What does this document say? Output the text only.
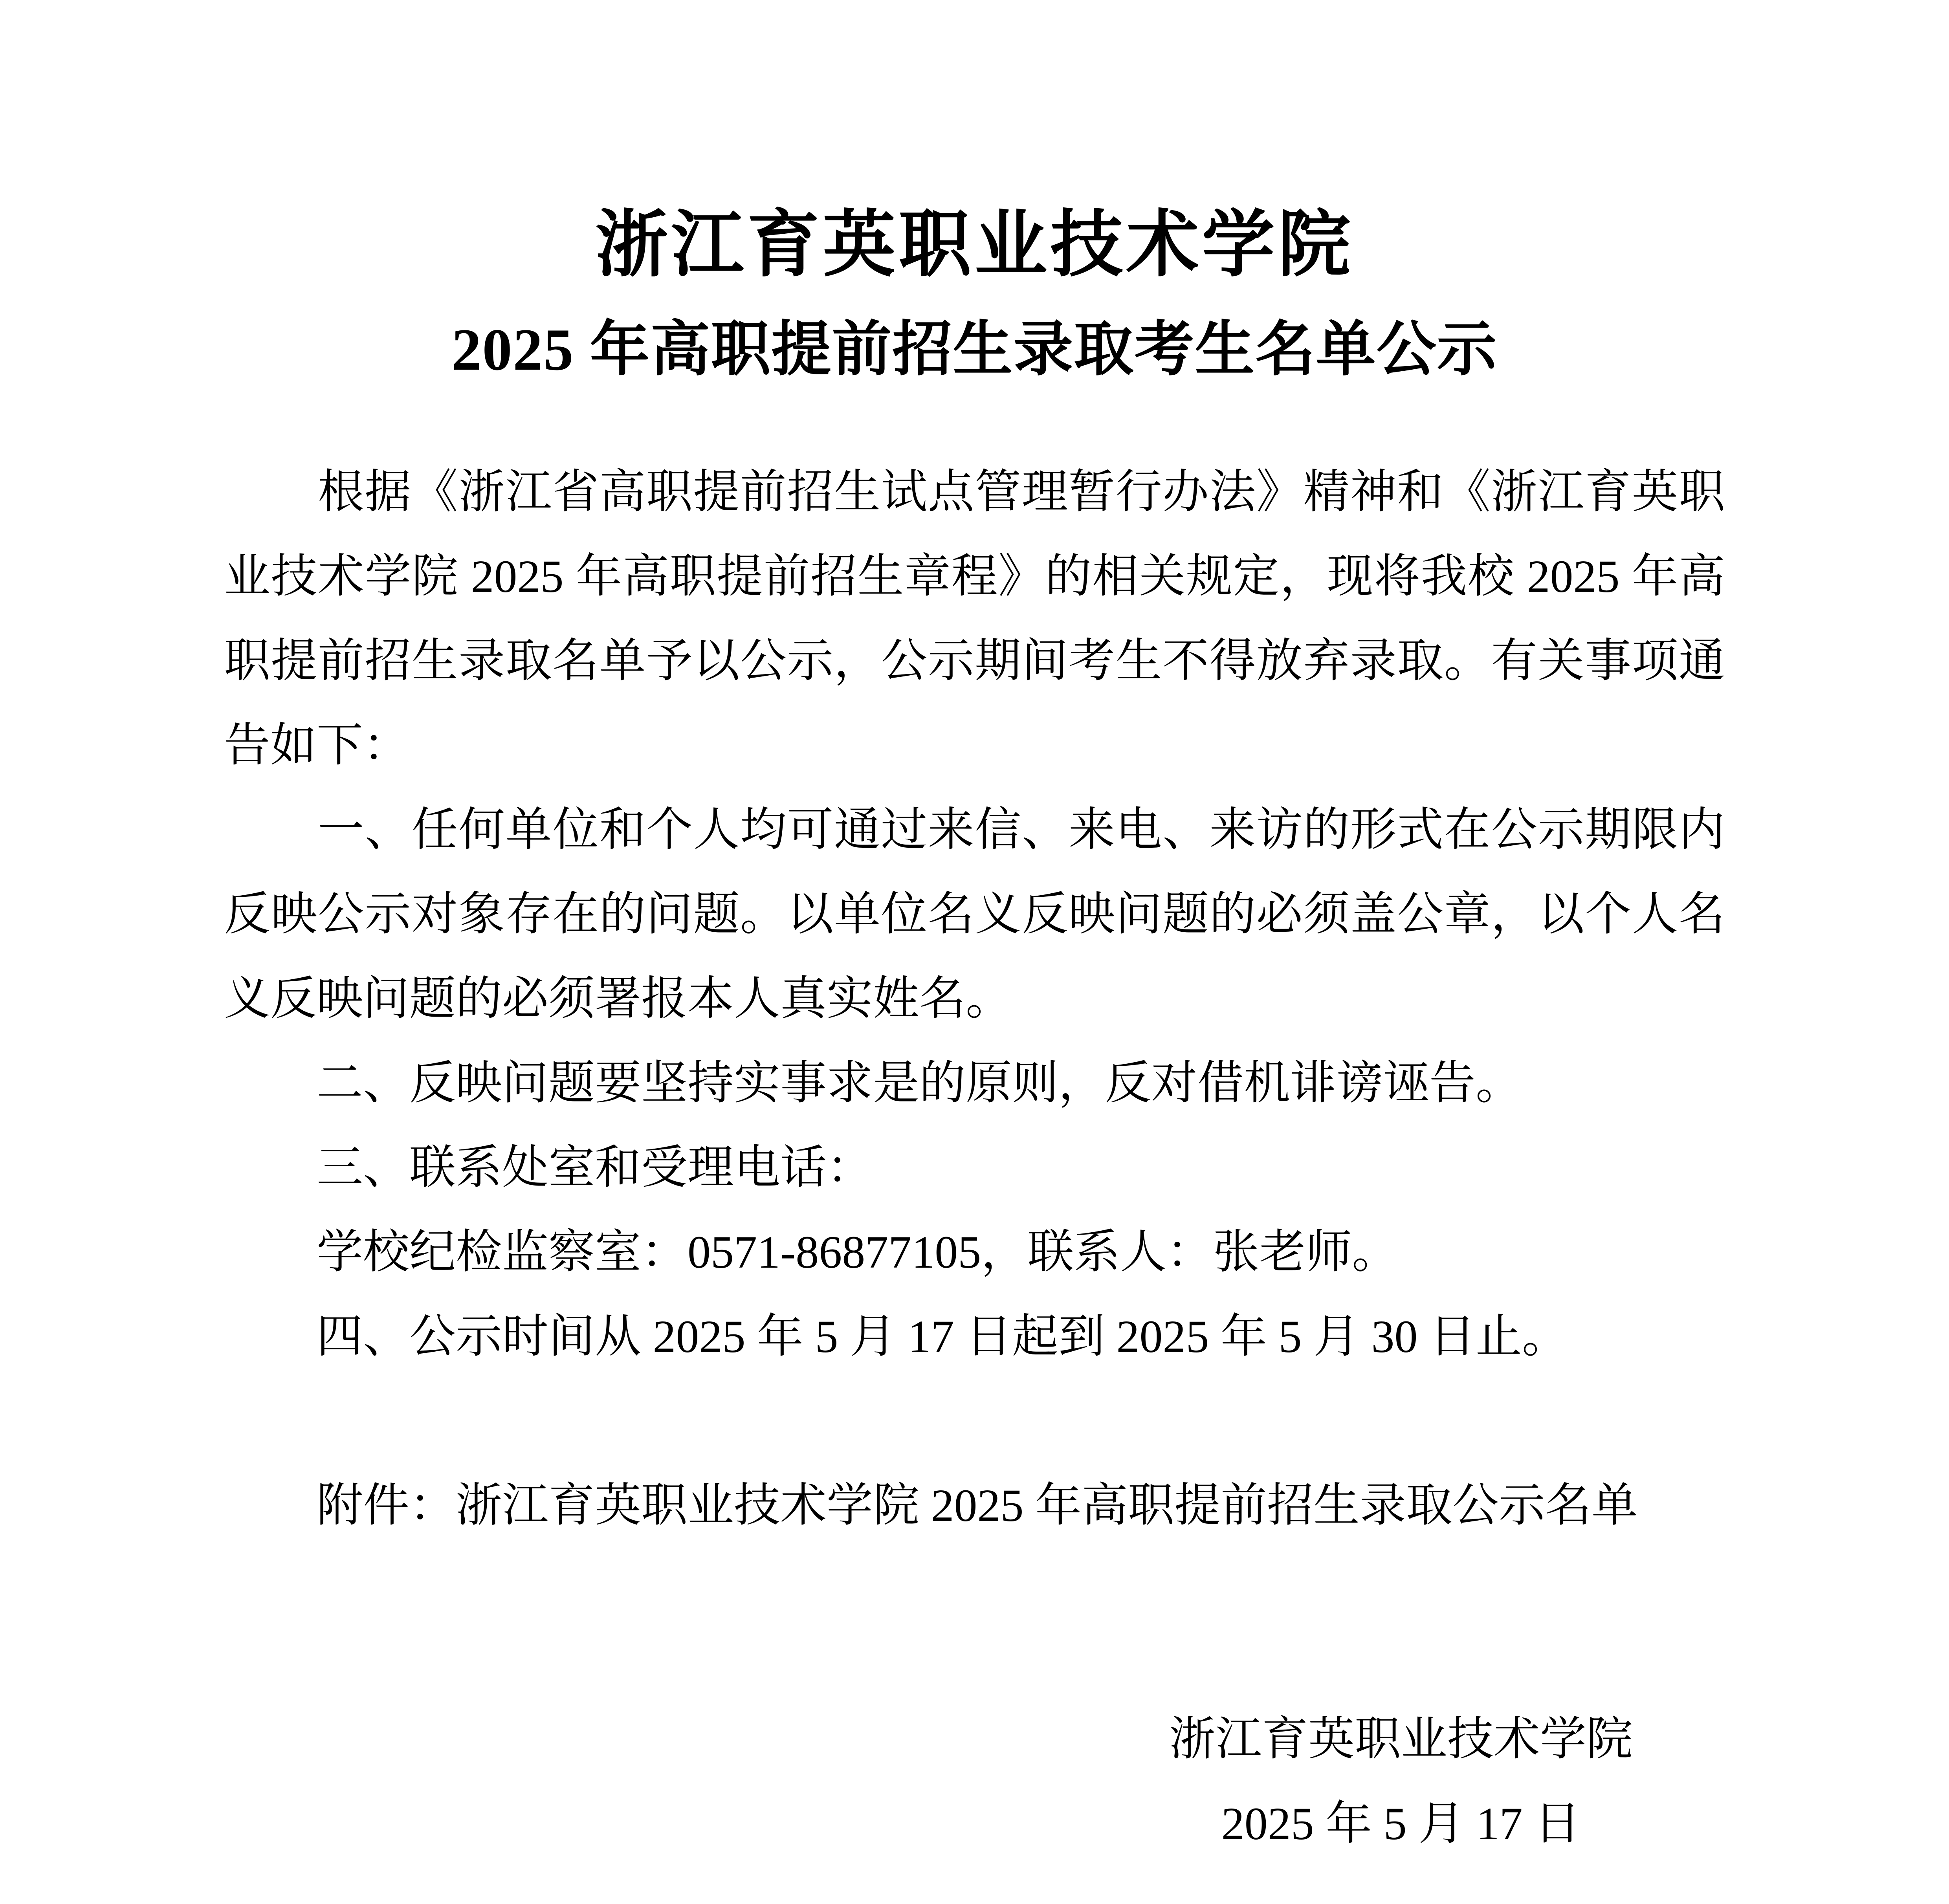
浙江育英职业技术学院
2025 年高职提前招生录取考生名单公示
　　根据《浙江省高职提前招生试点管理暂行办法》精神和《浙江育英职
业技术学院 2025 年高职提前招生章程》的相关规定，现将我校 2025 年高
职提前招生录取名单予以公示，公示期间考生不得放弃录取。有关事项通
告如下：
　　一、任何单位和个人均可通过来信、来电、来访的形式在公示期限内
反映公示对象存在的问题。以单位名义反映问题的必须盖公章，以个人名
义反映问题的必须署报本人真实姓名。
　　二、反映问题要坚持实事求是的原则，反对借机诽谤诬告。
　　三、联系处室和受理电话：
　　学校纪检监察室：0571-86877105，联系人：张老师。
　　四、公示时间从 2025 年 5 月 17 日起到 2025 年 5 月 30 日止。
　　附件：浙江育英职业技术学院 2025 年高职提前招生录取公示名单
浙江育英职业技术学院
2025 年 5 月 17 日
